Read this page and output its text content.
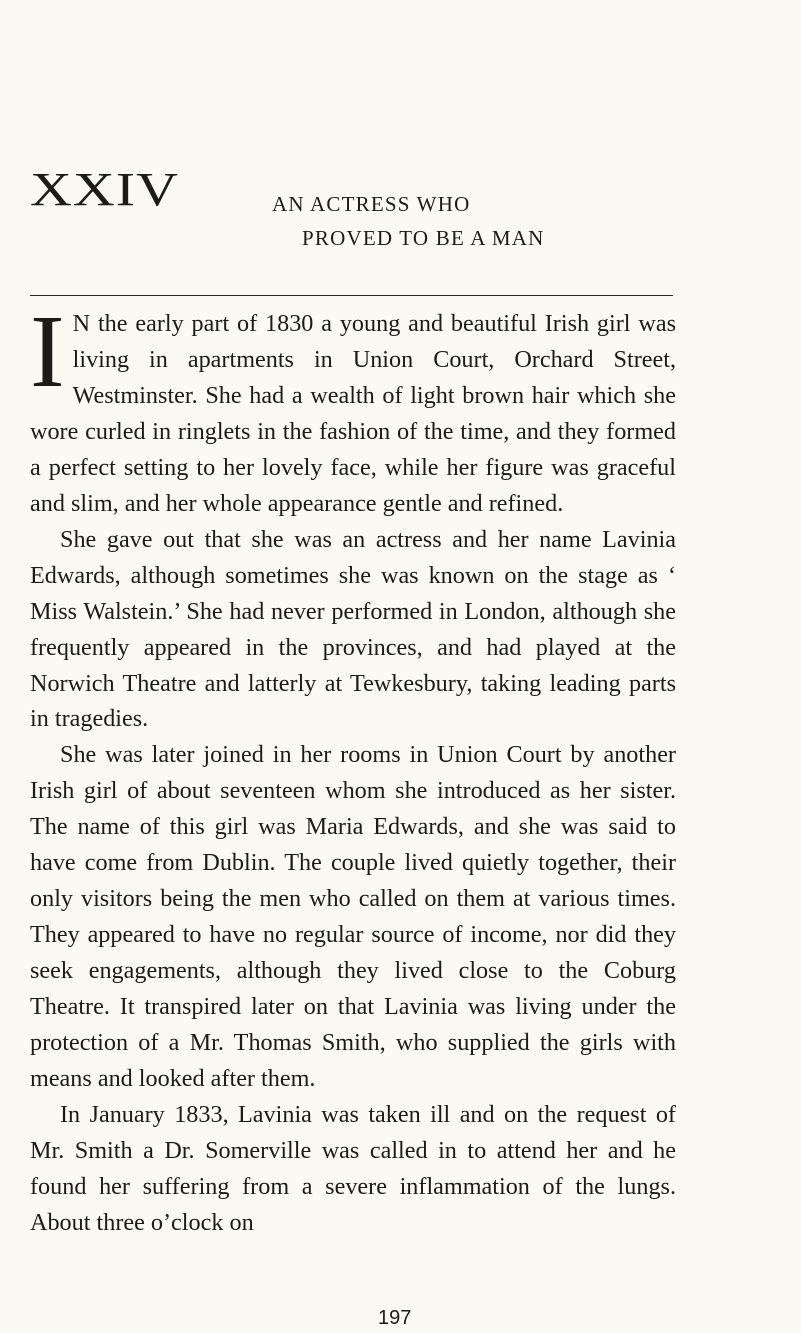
XXIV	AN ACTRESS WHO
PROVED TO BE A MAN

I N the early part of 1830 a young and beautiful Irish girl was living in apartments in Union Court, Orchard Street, Westminster. She had a wealth of light brown hair which she wore curled in ringlets in the fashion of the time, and they formed a perfect setting to her lovely face, while her figure was graceful and slim, and her whole appearance gentle and refined.

She gave out that she was an actress and her name Lavinia Edwards, although sometimes she was known on the stage as ‘ Miss Walstein.’ She had never performed in London, although she frequently appeared in the provinces, and had played at the Norwich Theatre and latterly at Tewkesbury, taking leading parts in tragedies.

She was later joined in her rooms in Union Court by another Irish girl of about seventeen whom she introduced as her sister. The name of this girl was Maria Edwards, and she was said to have come from Dublin. The couple lived quietly together, their only visitors being the men who called on them at various times. They appeared to have no regular source of income, nor did they seek engagements, although they lived close to the Coburg Theatre. It transpired later on that Lavinia was living under the protection of a Mr. Thomas Smith, who supplied the girls with means and looked after them.

In January 1833, Lavinia was taken ill and on the request of Mr. Smith a Dr. Somerville was called in to attend her and he found her suffering from a severe inflammation of the lungs. About three o’clock on

197
